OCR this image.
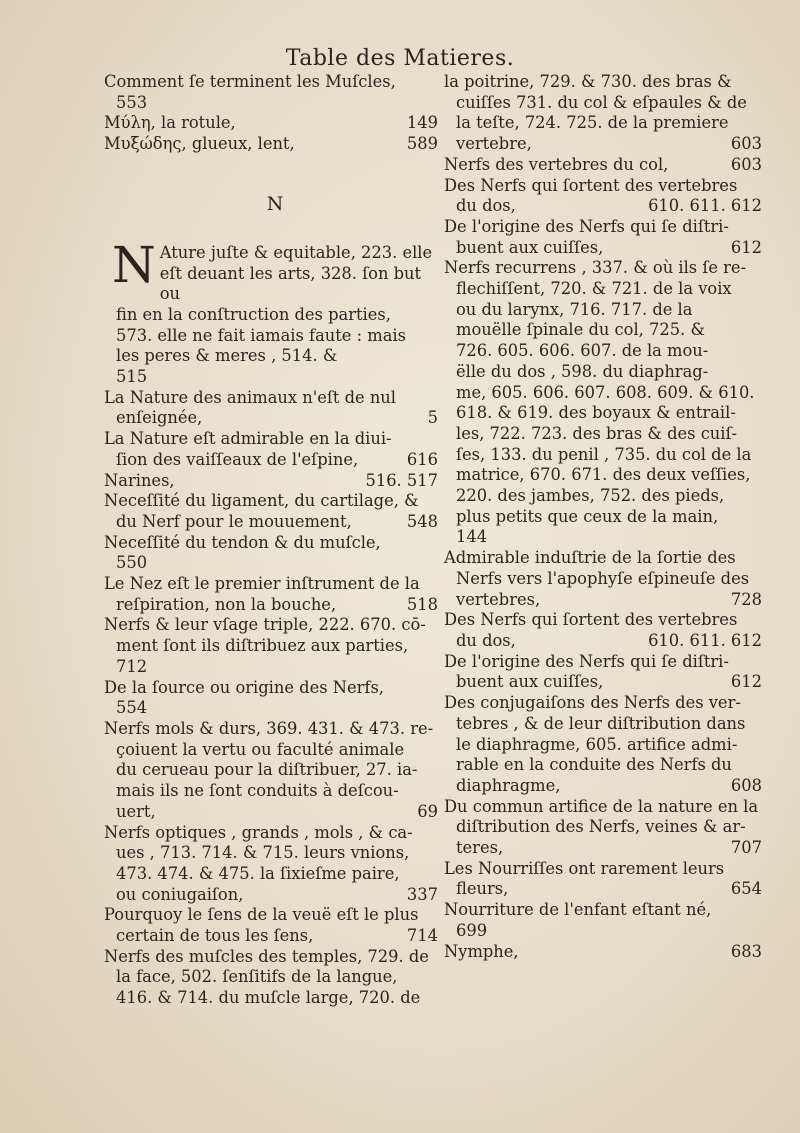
Table des Matieres.

Comment ſe terminent les Muſcles,

553

Μύλη, la rotule,	149
Μυξώδης, glueux, lent,	589
N
N Ature juſte & equitable, 223. elle

eſt deuant les arts, 328. ſon but ou

fin en la conſtruction des parties,

573. elle ne fait iamais faute : mais

les peres & meres , 514. &

515

La Nature des animaux n'eſt de nul

enſeignée,	5

La Nature eſt admirable en la diui-

ſion des vaiſſeaux de l'eſpine,	616
Narines,	516. 517

Neceſſité du ligament, du cartilage, &

du Nerf pour le mouuement,	548

Neceſſité du tendon & du muſcle,

550

Le Nez eſt le premier inſtrument de la

reſpiration, non la bouche,	518

Nerfs & leur vſage triple, 222. 670. cō-

ment ſont ils diſtribuez aux parties,

712

De la ſource ou origine des Nerfs,

554

Nerfs mols & durs, 369. 431. & 473. re-

çoiuent la vertu ou faculté animale

du cerueau pour la diſtribuer, 27. ia-

mais ils ne ſont conduits à deſcou-

uert,	69

Nerfs optiques , grands , mols , & ca-

ues , 713. 714. & 715. leurs vnions,

473. 474. & 475. la ſixieſme paire,

ou coniugaiſon,	337

Pourquoy le ſens de la veuë eſt le plus

certain de tous les ſens,	714

Nerfs des muſcles des temples, 729. de

la face, 502. ſenſitifs de la langue,

416. & 714. du muſcle large, 720. de

la poitrine, 729. & 730. des bras &

cuiſſes 731. du col & eſpaules & de

la teſte, 724. 725. de la premiere

vertebre,	603
Nerfs des vertebres du col,	603

Des Nerfs qui ſortent des vertebres

du dos,	610. 611. 612

De l'origine des Nerfs qui ſe diſtri-

buent aux cuiſſes,	612

Nerfs recurrens , 337. & où ils ſe re-

flechiſſent, 720. & 721. de la voix

ou du larynx, 716. 717. de la

mouëlle ſpinale du col, 725. &

726. 605. 606. 607. de la mou-

ëlle du dos , 598. du diaphrag-

me, 605. 606. 607. 608. 609. & 610.

618. & 619. des boyaux & entrail-

les, 722. 723. des bras & des cuiſ-

ſes, 133. du penil , 735. du col de la

matrice, 670. 671. des deux veſſies,

220. des jambes, 752. des pieds,

plus petits que ceux de la main,

144

Admirable induſtrie de la ſortie des

Nerfs vers l'apophyſe eſpineuſe des

vertebres,	728

Des Nerfs qui ſortent des vertebres

du dos,	610. 611. 612

De l'origine des Nerfs qui ſe diſtri-

buent aux cuiſſes,	612

Des conjugaiſons des Nerfs des ver-

tebres , & de leur diſtribution dans

le diaphragme, 605. artifice admi-

rable en la conduite des Nerfs du

diaphragme,	608

Du commun artifice de la nature en la

diſtribution des Nerfs, veines & ar-

teres,	707

Les Nourriſſes ont rarement leurs

fleurs,	654

Nourriture de l'enfant eſtant né,

699

Nymphe,	683
